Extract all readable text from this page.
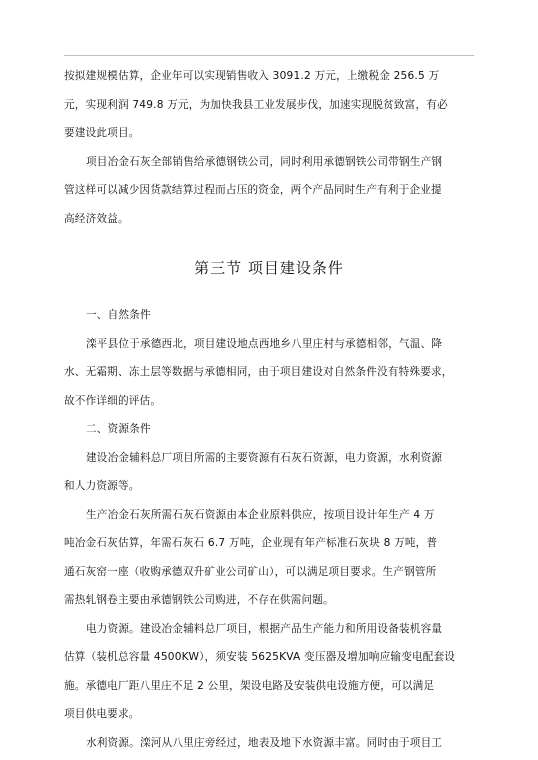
按拟建规模估算，企业年可以实现销售收入 3091.2 万元，上缴税金 256.5 万
元，实现利润 749.8 万元，为加快我县工业发展步伐，加速实现脱贫致富，有必
要建设此项目。
项目冶金石灰全部销售给承德钢铁公司，同时利用承德钢铁公司带钢生产钢
管这样可以减少因货款结算过程而占压的资金，两个产品同时生产有利于企业提
高经济效益。
第三节 项目建设条件
一、自然条件
滦平县位于承德西北，项目建设地点西地乡八里庄村与承德相邻，气温、降
水、无霜期、冻土层等数据与承德相同，由于项目建设对自然条件没有特殊要求，
故不作详细的评估。
二、资源条件
建设冶金辅料总厂项目所需的主要资源有石灰石资源，电力资源，水利资源
和人力资源等。
生产冶金石灰所需石灰石资源由本企业原料供应，按项目设计年生产 4 万
吨冶金石灰估算，年需石灰石 6.7 万吨，企业现有年产标准石灰块 8 万吨，普
通石灰窑一座（收购承德双升矿业公司矿山），可以满足项目要求。生产钢管所
需热轧钢卷主要由承德钢铁公司购进，不存在供需问题。
电力资源。建设冶金辅料总厂项目，根据产品生产能力和所用设备装机容量
估算（装机总容量 4500KW），须安装 5625KVA 变压器及增加响应输变电配套设
施。承德电厂距八里庄不足 2 公里，架设电路及安装供电设施方便，可以满足
项目供电要求。
水利资源。滦河从八里庄旁经过，地表及地下水资源丰富。同时由于项目工
